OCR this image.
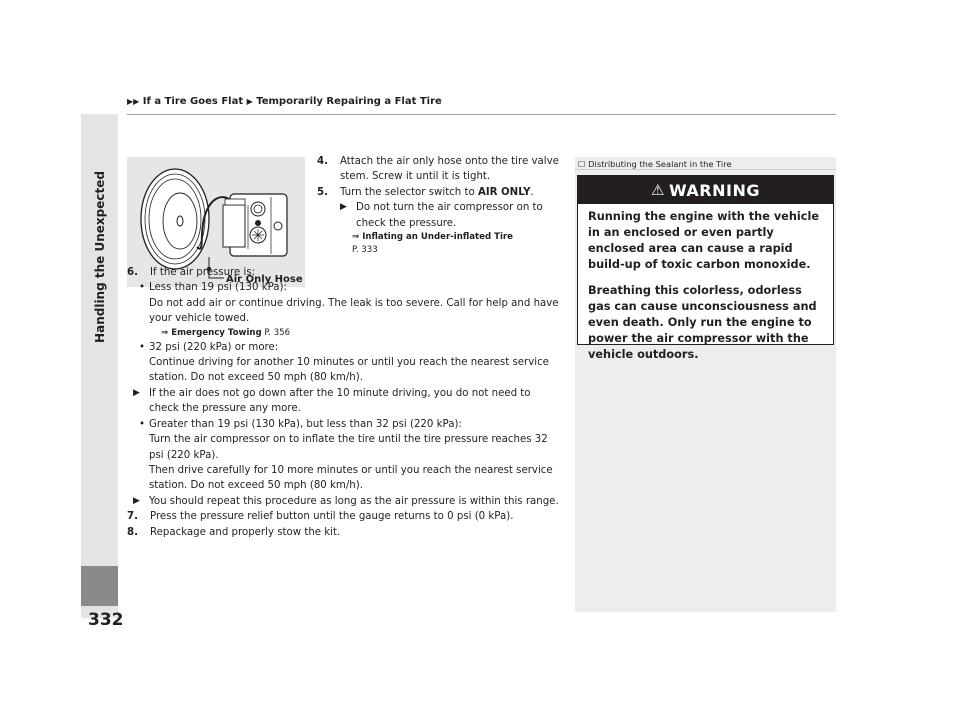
▶▶ If a Tire Goes Flat ▶ Temporarily Repairing a Flat Tire
Handling the Unexpected
332
Air Only Hose
4. Attach the air only hose onto the tire valve stem. Screw it until it is tight.
5. Turn the selector switch to AIR ONLY.
▶ Do not turn the air compressor on to check the pressure.
⇒ Inflating an Under-inflated Tire
P. 333
6. If the air pressure is:
• Less than 19 psi (130 kPa):
Do not add air or continue driving. The leak is too severe. Call for help and have your vehicle towed.
⇒ Emergency Towing P. 356
• 32 psi (220 kPa) or more:
Continue driving for another 10 minutes or until you reach the nearest service station. Do not exceed 50 mph (80 km/h).
▶ If the air does not go down after the 10 minute driving, you do not need to check the pressure any more.
• Greater than 19 psi (130 kPa), but less than 32 psi (220 kPa):
Turn the air compressor on to inflate the tire until the tire pressure reaches 32 psi (220 kPa).
Then drive carefully for 10 more minutes or until you reach the nearest service station. Do not exceed 50 mph (80 km/h).
▶ You should repeat this procedure as long as the air pressure is within this range.
7. Press the pressure relief button until the gauge returns to 0 psi (0 kPa).
8. Repackage and properly stow the kit.
☐ Distributing the Sealant in the Tire
⚠ WARNING

Running the engine with the vehicle in an enclosed or even partly enclosed area can cause a rapid build-up of toxic carbon monoxide.

Breathing this colorless, odorless gas can cause unconsciousness and even death. Only run the engine to power the air compressor with the vehicle outdoors.
